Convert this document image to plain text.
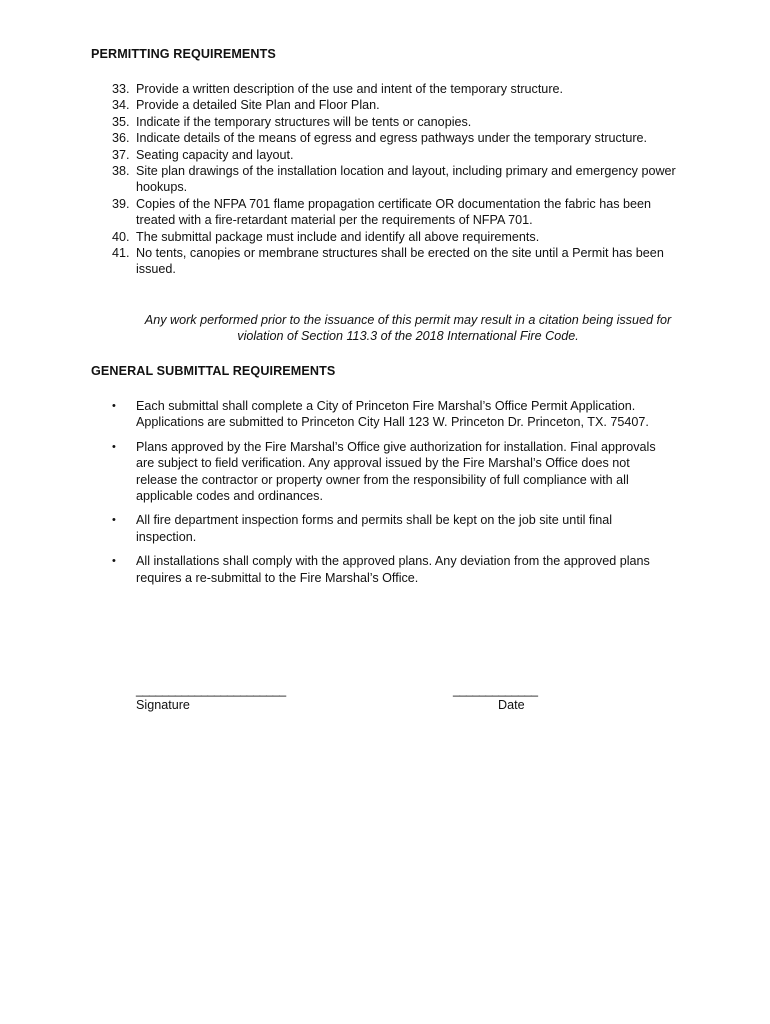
PERMITTING REQUIREMENTS
33. Provide a written description of the use and intent of the temporary structure.
34. Provide a detailed Site Plan and Floor Plan.
35. Indicate if the temporary structures will be tents or canopies.
36. Indicate details of the means of egress and egress pathways under the temporary structure.
37. Seating capacity and layout.
38. Site plan drawings of the installation location and layout, including primary and emergency power hookups.
39. Copies of the NFPA 701 flame propagation certificate OR documentation the fabric has been treated with a fire-retardant material per the requirements of NFPA 701.
40. The submittal package must include and identify all above requirements.
41. No tents, canopies or membrane structures shall be erected on the site until a Permit has been issued.
Any work performed prior to the issuance of this permit may result in a citation being issued for violation of Section 113.3 of the 2018 International Fire Code.
GENERAL SUBMITTAL REQUIREMENTS
•	Each submittal shall complete a City of Princeton Fire Marshal’s Office Permit Application. Applications are submitted to Princeton City Hall 123 W. Princeton Dr. Princeton, TX. 75407.
•	Plans approved by the Fire Marshal’s Office give authorization for installation. Final approvals are subject to field verification. Any approval issued by the Fire Marshal’s Office does not release the contractor or property owner from the responsibility of full compliance with all applicable codes and ordinances.
•	All fire department inspection forms and permits shall be kept on the job site until final inspection.
•	All installations shall comply with the approved plans. Any deviation from the approved plans requires a re-submittal to the Fire Marshal’s Office.
_______________________	_____________
Signature	Date
